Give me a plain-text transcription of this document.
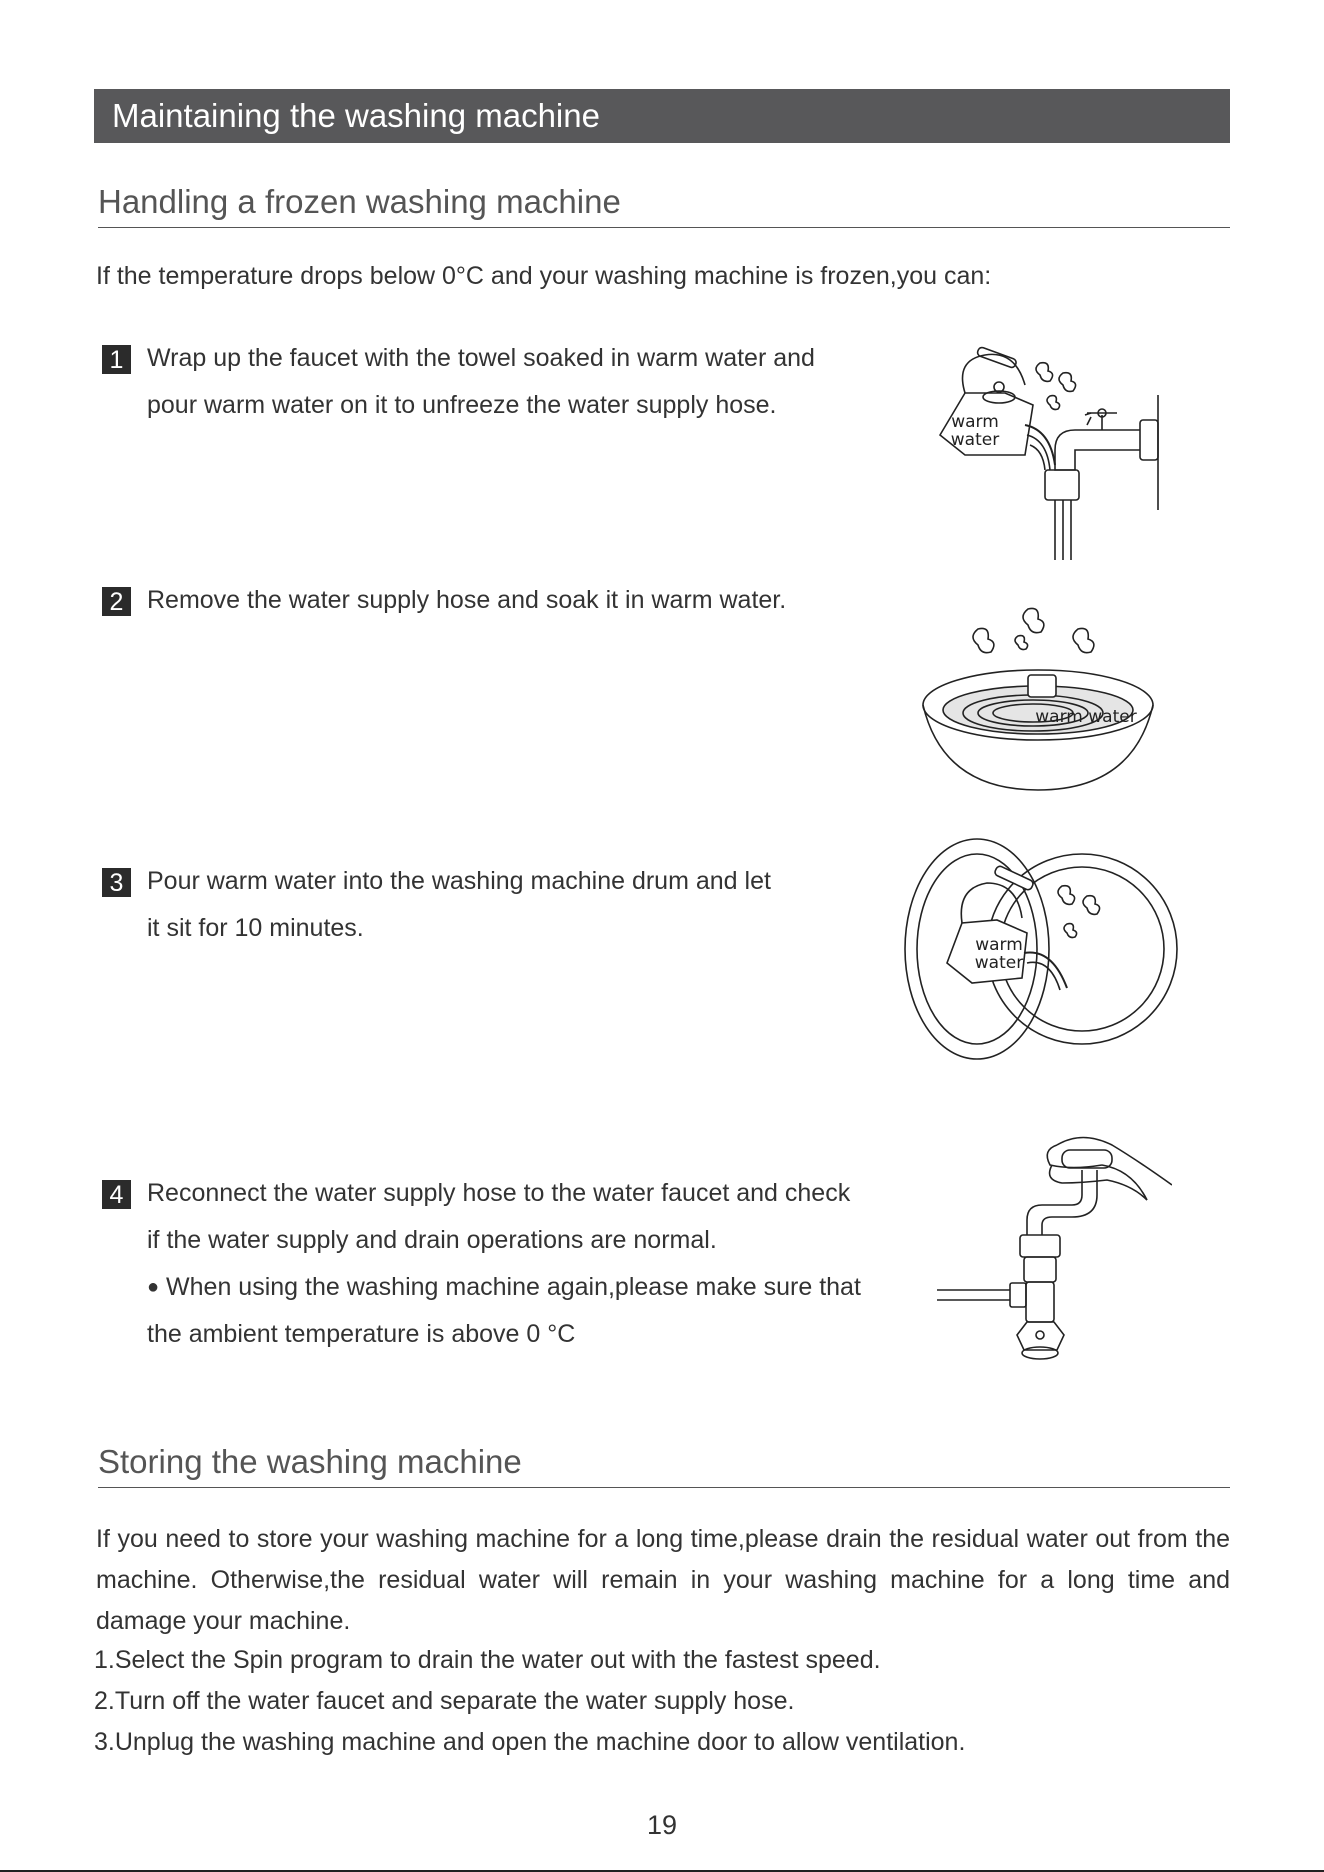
Maintaining the washing machine
Handling a frozen washing machine
If the temperature drops below 0°C and your washing machine is frozen,you can:
1 Wrap up the faucet with the towel soaked in warm water and
pour warm water on it to unfreeze the water supply hose.
warm
water
2 Remove the water supply hose and soak it in warm water.
warm water
3 Pour warm water into the washing machine drum and let
it sit for 10 minutes.
warm
water
4 Reconnect the water supply hose to the water faucet and check
if the water supply and drain operations are normal.
● When using the washing machine again,please make sure that
the ambient temperature is above 0 °C
Storing the washing machine
If you need to store your washing machine for a long time,please drain the residual water out from the machine. Otherwise,the residual water will remain in your washing machine for a long time and damage your machine.
1.Select the Spin program to drain the water out with the fastest speed.
2.Turn off the water faucet and separate the water supply hose.
3.Unplug the washing machine and open the machine door to allow ventilation.
19
